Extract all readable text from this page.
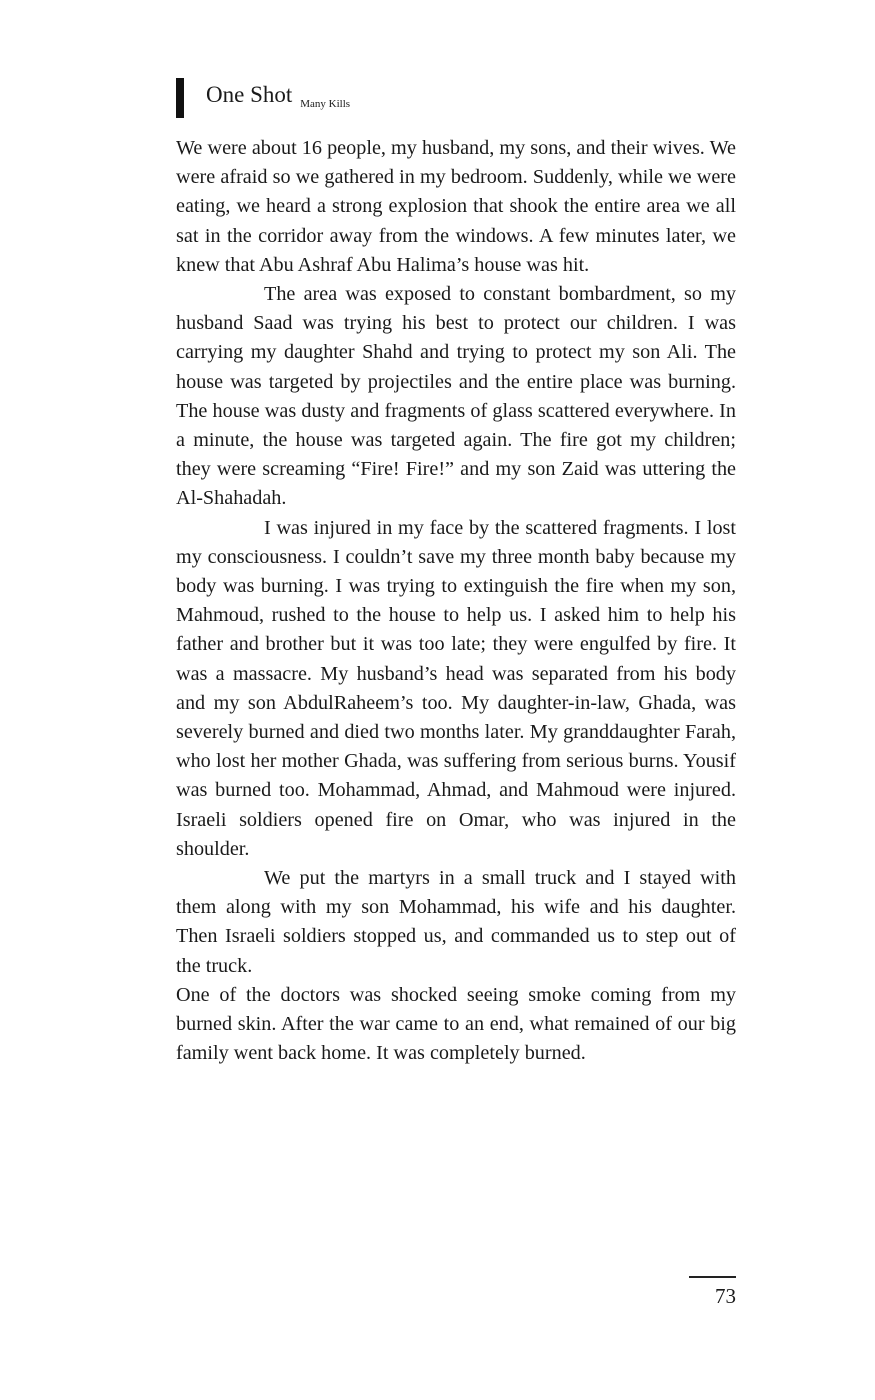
One Shot Many Kills

We were about 16 people, my husband, my sons, and their wives. We were afraid so we gathered in my bedroom. Suddenly, while we were eating, we heard a strong explosion that shook the entire area we all sat in the corridor away from the windows. A few minutes later, we knew that Abu Ashraf Abu Halima’s house was hit.

The area was exposed to constant bombardment, so my husband Saad was trying his best to protect our children. I was carrying my daughter Shahd and trying to protect my son Ali. The house was targeted by projectiles and the entire place was burning. The house was dusty and fragments of glass scattered everywhere. In a minute, the house was targeted again. The fire got my children; they were screaming “Fire! Fire!” and my son Zaid was uttering the Al-Shahadah.

I was injured in my face by the scattered fragments. I lost my consciousness. I couldn’t save my three month baby because my body was burning. I was trying to extinguish the fire when my son, Mahmoud, rushed to the house to help us. I asked him to help his father and brother but it was too late; they were engulfed by fire. It was a massacre. My husband’s head was separated from his body and my son AbdulRaheem’s too. My daughter-in-law, Ghada, was severely burned and died two months later. My granddaughter Farah, who lost her mother Ghada, was suffering from serious burns. Yousif was burned too. Mohammad, Ahmad, and Mahmoud were injured. Israeli soldiers opened fire on Omar, who was injured in the shoulder.

We put the martyrs in a small truck and I stayed with them along with my son Mohammad, his wife and his daughter. Then Israeli soldiers stopped us, and commanded us to step out of the truck.

One of the doctors was shocked seeing smoke coming from my burned skin. After the war came to an end, what remained of our big family went back home. It was completely burned.

73
